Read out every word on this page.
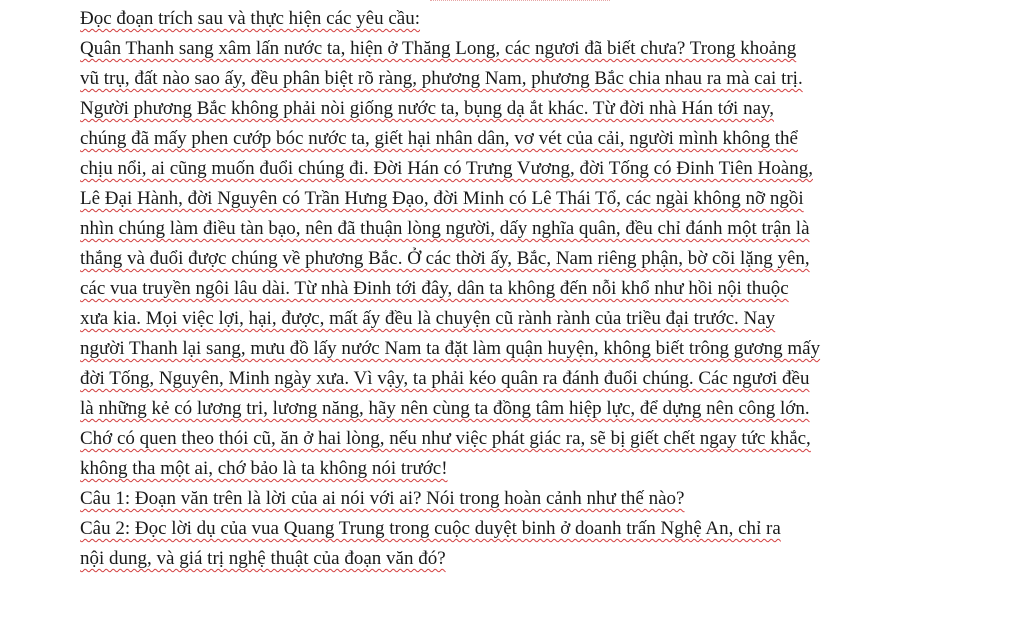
Đọc đoạn trích sau và thực hiện các yêu cầu:
Quân Thanh sang xâm lấn nước ta, hiện ở Thăng Long, các ngươi đã biết chưa? Trong khoảng
vũ trụ, đất nào sao ấy, đều phân biệt rõ ràng, phương Nam, phương Bắc chia nhau ra mà cai trị.
Người phương Bắc không phải nòi giống nước ta, bụng dạ ắt khác. Từ đời nhà Hán tới nay,
chúng đã mấy phen cướp bóc nước ta, giết hại nhân dân, vơ vét của cải, người mình không thể
chịu nổi, ai cũng muốn đuổi chúng đi. Đời Hán có Trưng Vương, đời Tống có Đinh Tiên Hoàng,
Lê Đại Hành, đời Nguyên có Trần Hưng Đạo, đời Minh có Lê Thái Tổ, các ngài không nỡ ngồi
nhìn chúng làm điều tàn bạo, nên đã thuận lòng người, dấy nghĩa quân, đều chỉ đánh một trận là
thắng và đuổi được chúng về phương Bắc. Ở các thời ấy, Bắc, Nam riêng phận, bờ cõi lặng yên,
các vua truyền ngôi lâu dài. Từ nhà Đinh tới đây, dân ta không đến nỗi khổ như hồi nội thuộc
xưa kia. Mọi việc lợi, hại, được, mất ấy đều là chuyện cũ rành rành của triều đại trước. Nay
người Thanh lại sang, mưu đồ lấy nước Nam ta đặt làm quận huyện, không biết trông gương mấy
đời Tống, Nguyên, Minh ngày xưa. Vì vậy, ta phải kéo quân ra đánh đuổi chúng. Các ngươi đều
là những kẻ có lương tri, lương năng, hãy nên cùng ta đồng tâm hiệp lực, để dựng nên công lớn.
Chớ có quen theo thói cũ, ăn ở hai lòng, nếu như việc phát giác ra, sẽ bị giết chết ngay tức khắc,
không tha một ai, chớ bảo là ta không nói trước!
Câu 1: Đoạn văn trên là lời của ai nói với ai? Nói trong hoàn cảnh như thế nào?
Câu 2: Đọc lời dụ của vua Quang Trung trong cuộc duyệt binh ở doanh trấn Nghệ An, chỉ ra
nội dung, và giá trị nghệ thuật của đoạn văn đó?
